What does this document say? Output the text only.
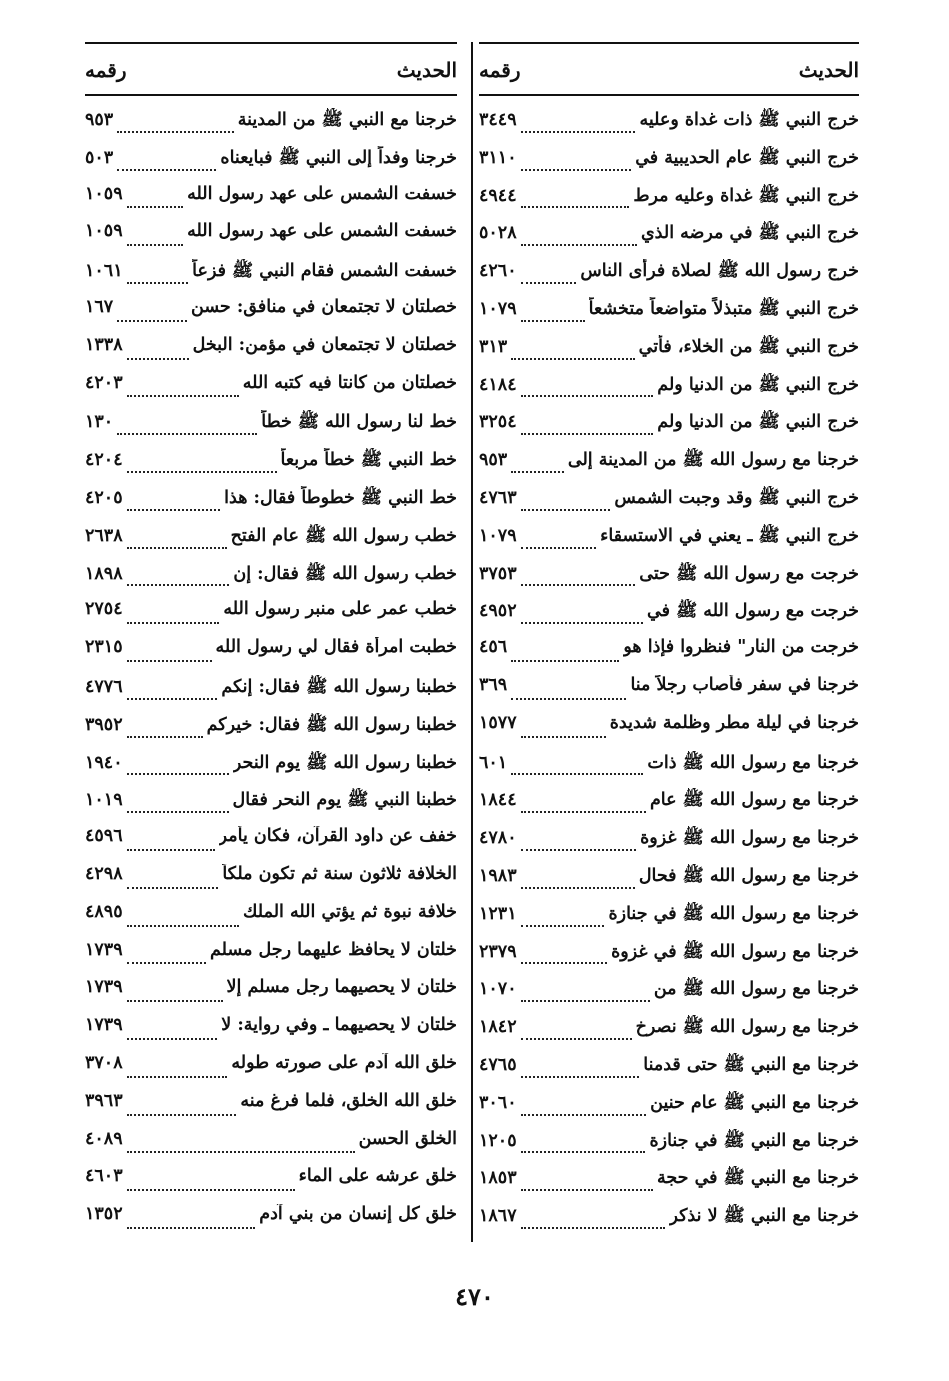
الحديث
رقمه
خرج النبي ﷺ ذات غداة وعليه
٣٤٤٩
خرج النبي ﷺ عام الحديبية في
٣١١٠
خرج النبي ﷺ غداة وعليه مرط
٤٩٤٤
خرج النبي ﷺ في مرضه الذي
٥٠٢٨
خرج رسول الله ﷺ لصلاة فرأى الناس
٤٢٦٠
خرج النبي ﷺ متبذلاً متواضعاً متخشعاً
١٠٧٩
خرج النبي ﷺ من الخلاء، فأتي
٣١٣
خرج النبي ﷺ من الدنيا ولم
٤١٨٤
خرج النبي ﷺ من الدنيا ولم
٣٢٥٤
خرجنا مع رسول الله ﷺ من المدينة إلى
٩٥٣
خرج النبي ﷺ وقد وجبت الشمس
٤٧٦٣
خرج النبي ﷺ ـ يعني في الاستسقاء
١٠٧٩
خرجت مع رسول الله ﷺ حتى
٣٧٥٣
خرجت مع رسول الله ﷺ في
٤٩٥٢
خرجت من النار" فنظروا فإذا هو
٤٥٦
خرجنا في سفر فأصاب رجلاً منا
٣٦٩
خرجنا في ليلة مطر وظلمة شديدة
١٥٧٧
خرجنا مع رسول الله ﷺ ذات
٦٠١
خرجنا مع رسول الله ﷺ عام
١٨٤٤
خرجنا مع رسول الله ﷺ غزوة
٤٧٨٠
خرجنا مع رسول الله ﷺ فحال
١٩٨٣
خرجنا مع رسول الله ﷺ في جنازة
١٢٣١
خرجنا مع رسول الله ﷺ في غزوة
٢٣٧٩
خرجنا مع رسول الله ﷺ من
١٠٧٠
خرجنا مع رسول الله ﷺ نصرخ
١٨٤٢
خرجنا مع النبي ﷺ حتى قدمنا
٤٧٦٥
خرجنا مع النبي ﷺ عام حنين
٣٠٦٠
خرجنا مع النبي ﷺ في جنازة
١٢٠٥
خرجنا مع النبي ﷺ في حجة
١٨٥٣
خرجنا مع النبي ﷺ لا نذكر
١٨٦٧
الحديث
رقمه
خرجنا مع النبي ﷺ من المدينة
٩٥٣
خرجنا وفداً إلى النبي ﷺ فبايعناه
٥٠٣
خسفت الشمس على عهد رسول الله
١٠٥٩
خسفت الشمس على عهد رسول الله
١٠٥٩
خسفت الشمس فقام النبي ﷺ فزعاً
١٠٦١
خصلتان لا تجتمعان في منافق: حسن
١٦٧
خصلتان لا تجتمعان في مؤمن: البخل
١٣٣٨
خصلتان من كانتا فيه كتبه الله
٤٢٠٣
خط لنا رسول الله ﷺ خطاً
١٣٠
خط النبي ﷺ خطاً مربعاً
٤٢٠٤
خط النبي ﷺ خطوطاً فقال: هذا
٤٢٠٥
خطب رسول الله ﷺ عام الفتح
٢٦٣٨
خطب رسول الله ﷺ فقال: إن
١٨٩٨
خطب عمر على منبر رسول الله
٢٧٥٤
خطبت امرأة فقال لي رسول الله
٢٣١٥
خطبنا رسول الله ﷺ فقال: إنكم
٤٧٧٦
خطبنا رسول الله ﷺ فقال: خيركم
٣٩٥٢
خطبنا رسول الله ﷺ يوم النحر
١٩٤٠
خطبنا النبي ﷺ يوم النحر فقال
١٠١٩
خفف عن داود القرآن، فكان يأمر
٤٥٩٦
الخلافة ثلاثون سنة ثم تكون ملكاً
٤٢٩٨
خلافة نبوة ثم يؤتي الله الملك
٤٨٩٥
خلتان لا يحافظ عليهما رجل مسلم
١٧٣٩
خلتان لا يحصيهما رجل مسلم إلا
١٧٣٩
خلتان لا يحصيهما ـ وفي رواية: لا
١٧٣٩
خلق الله آدم على صورته طوله
٣٧٠٨
خلق الله الخلق، فلما فرغ منه
٣٩٦٣
الخلق الحسن
٤٠٨٩
خلق عرشه على الماء
٤٦٠٣
خلق كل إنسان من بني آدم
١٣٥٢
٤٧٠
